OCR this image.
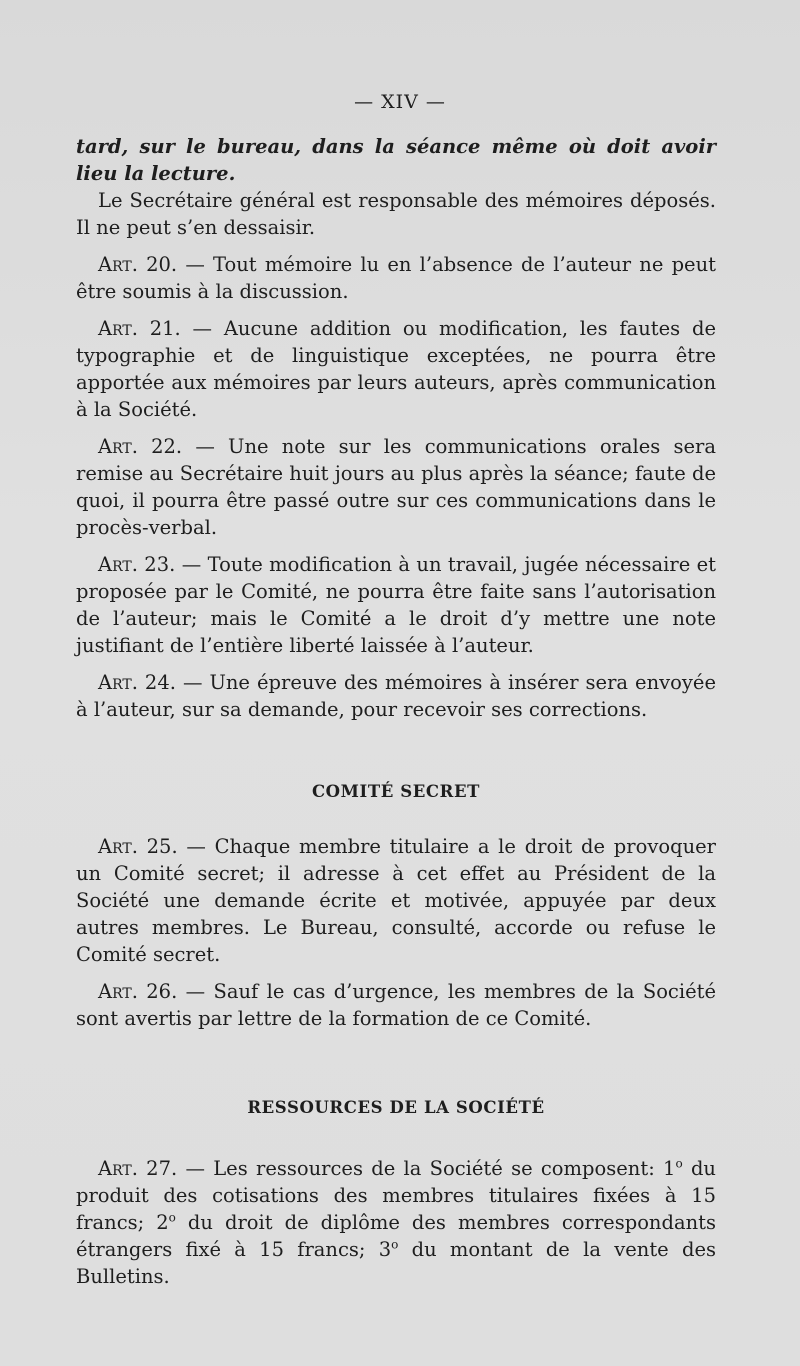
— XIV —

tard, sur le bureau, dans la séance même où doit avoir lieu la lecture.

Le Secrétaire général est responsable des mémoires déposés. Il ne peut s’en dessaisir.

Art. 20. — Tout mémoire lu en l’absence de l’auteur ne peut être soumis à la discussion.

Art. 21. — Aucune addition ou modification, les fautes de typographie et de linguistique exceptées, ne pourra être apportée aux mémoires par leurs auteurs, après communication à la Société.

Art. 22. — Une note sur les communications orales sera remise au Secrétaire huit jours au plus après la séance; faute de quoi, il pourra être passé outre sur ces communications dans le procès-verbal.

Art. 23. — Toute modification à un travail, jugée nécessaire et proposée par le Comité, ne pourra être faite sans l’autorisation de l’auteur; mais le Comité a le droit d’y mettre une note justifiant de l’entière liberté laissée à l’auteur.

Art. 24. — Une épreuve des mémoires à insérer sera envoyée à l’auteur, sur sa demande, pour recevoir ses corrections.

COMITÉ SECRET

Art. 25. — Chaque membre titulaire a le droit de provoquer un Comité secret; il adresse à cet effet au Président de la Société une demande écrite et motivée, appuyée par deux autres membres. Le Bureau, consulté, accorde ou refuse le Comité secret.

Art. 26. — Sauf le cas d’urgence, les membres de la Société sont avertis par lettre de la formation de ce Comité.

RESSOURCES DE LA SOCIÉTÉ

Art. 27. — Les ressources de la Société se composent: 1$^o$ du produit des cotisations des membres titulaires fixées à 15 francs; 2$^o$ du droit de diplôme des membres correspondants étrangers fixé à 15 francs; 3$^o$ du montant de la vente des Bulletins.
